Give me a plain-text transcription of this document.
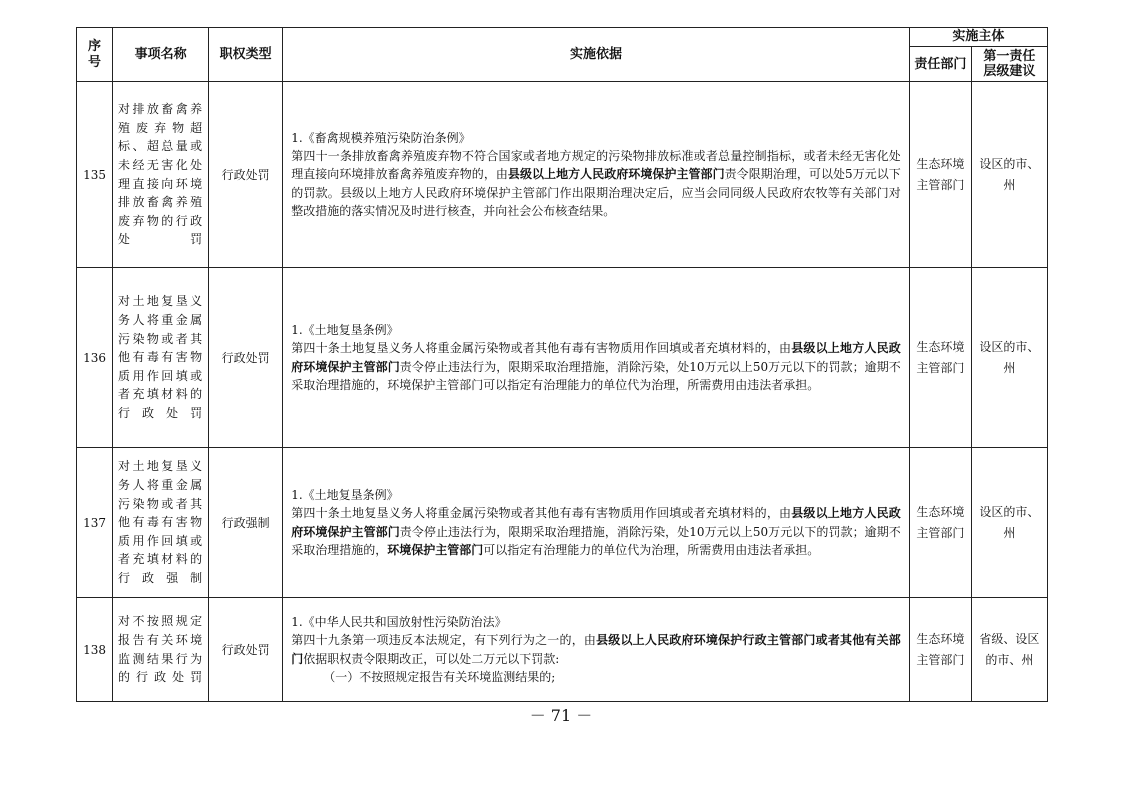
序号	事项名称	职权类型	实施依据	实施主体	
				责任部门	第一责任层级建议
135	对排放畜禽养殖废弃物超标、超总量或未经无害化处理直接向环境排放畜禽养殖废弃物的行政处罚	行政处罚	1.《畜禽规模养殖污染防治条例》
第四十一条排放畜禽养殖废弃物不符合国家或者地方规定的污染物排放标准或者总量控制指标，或者未经无害化处理直接向环境排放畜禽养殖废弃物的，由县级以上地方人民政府环境保护主管部门责令限期治理，可以处5万元以下的罚款。县级以上地方人民政府环境保护主管部门作出限期治理决定后，应当会同同级人民政府农牧等有关部门对整改措施的落实情况及时进行核查，并向社会公布核查结果。	生态环境主管部门	设区的市、州
136	对土地复垦义务人将重金属污染物或者其他有毒有害物质用作回填或者充填材料的行政处罚	行政处罚	1.《土地复垦条例》
第四十条土地复垦义务人将重金属污染物或者其他有毒有害物质用作回填或者充填材料的，由县级以上地方人民政府环境保护主管部门责令停止违法行为，限期采取治理措施，消除污染，处10万元以上50万元以下的罚款；逾期不采取治理措施的，环境保护主管部门可以指定有治理能力的单位代为治理，所需费用由违法者承担。	生态环境主管部门	设区的市、州
137	对土地复垦义务人将重金属污染物或者其他有毒有害物质用作回填或者充填材料的行政强制	行政强制	1.《土地复垦条例》
第四十条土地复垦义务人将重金属污染物或者其他有毒有害物质用作回填或者充填材料的，由县级以上地方人民政府环境保护主管部门责令停止违法行为，限期采取治理措施，消除污染，处10万元以上50万元以下的罚款；逾期不采取治理措施的，环境保护主管部门可以指定有治理能力的单位代为治理，所需费用由违法者承担。	生态环境主管部门	设区的市、州
138	对不按照规定报告有关环境监测结果行为的行政处罚	行政处罚	1.《中华人民共和国放射性污染防治法》
第四十九条第一项违反本法规定，有下列行为之一的，由县级以上人民政府环境保护行政主管部门或者其他有关部门依据职权责令限期改正，可以处二万元以下罚款:
（一）不按照规定报告有关环境监测结果的;	生态环境主管部门	省级、设区的市、州
－ 71 －
